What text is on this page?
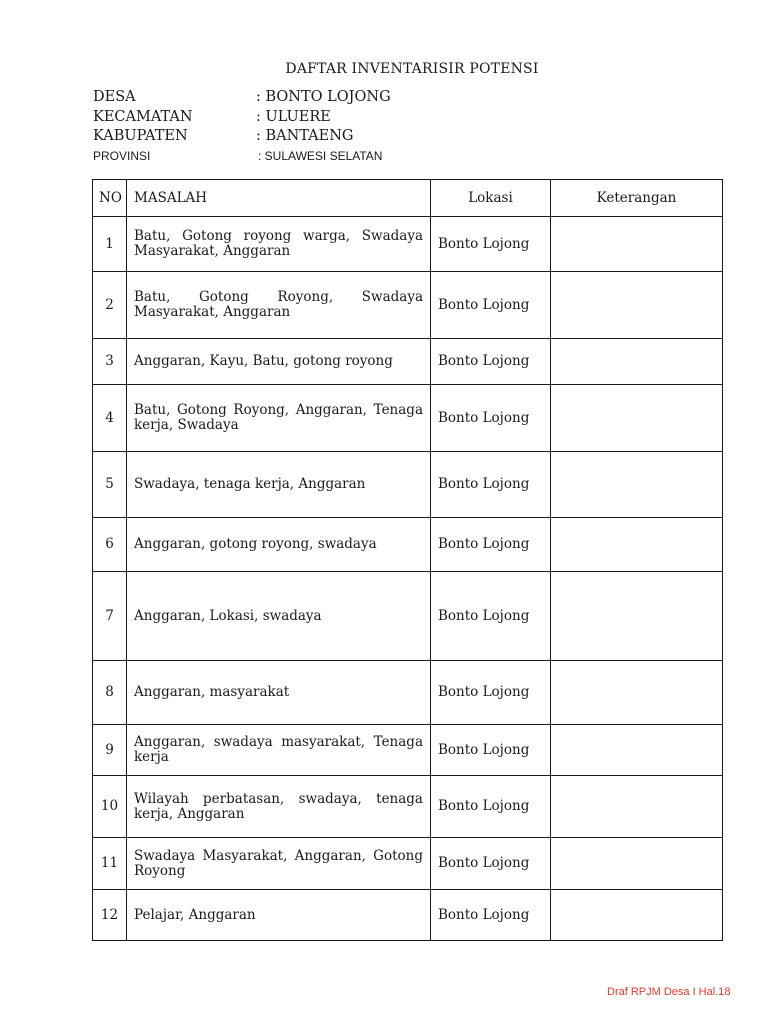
DAFTAR INVENTARISIR POTENSI
DESA	: BONTO LOJONG
KECAMATAN	: ULUERE
KABUPATEN	: BANTAENG
PROVINSI	: SULAWESI SELATAN
NO	MASALAH	Lokasi	Keterangan
1	Batu, Gotong royong warga, Swadaya Masyarakat, Anggaran	Bonto Lojong	
2	Batu, Gotong Royong, Swadaya Masyarakat, Anggaran	Bonto Lojong	
3	Anggaran, Kayu, Batu, gotong royong	Bonto Lojong	
4	Batu, Gotong Royong, Anggaran, Tenaga kerja, Swadaya	Bonto Lojong	
5	Swadaya, tenaga kerja, Anggaran	Bonto Lojong	
6	Anggaran, gotong royong, swadaya	Bonto Lojong	
7	Anggaran, Lokasi, swadaya	Bonto Lojong	
8	Anggaran, masyarakat	Bonto Lojong	
9	Anggaran, swadaya masyarakat, Tenaga kerja	Bonto Lojong	
10	Wilayah perbatasan, swadaya, tenaga kerja, Anggaran	Bonto Lojong	
11	Swadaya Masyarakat, Anggaran, Gotong Royong	Bonto Lojong	
12	Pelajar, Anggaran	Bonto Lojong	
Draf RPJM Desa I Hal.18
